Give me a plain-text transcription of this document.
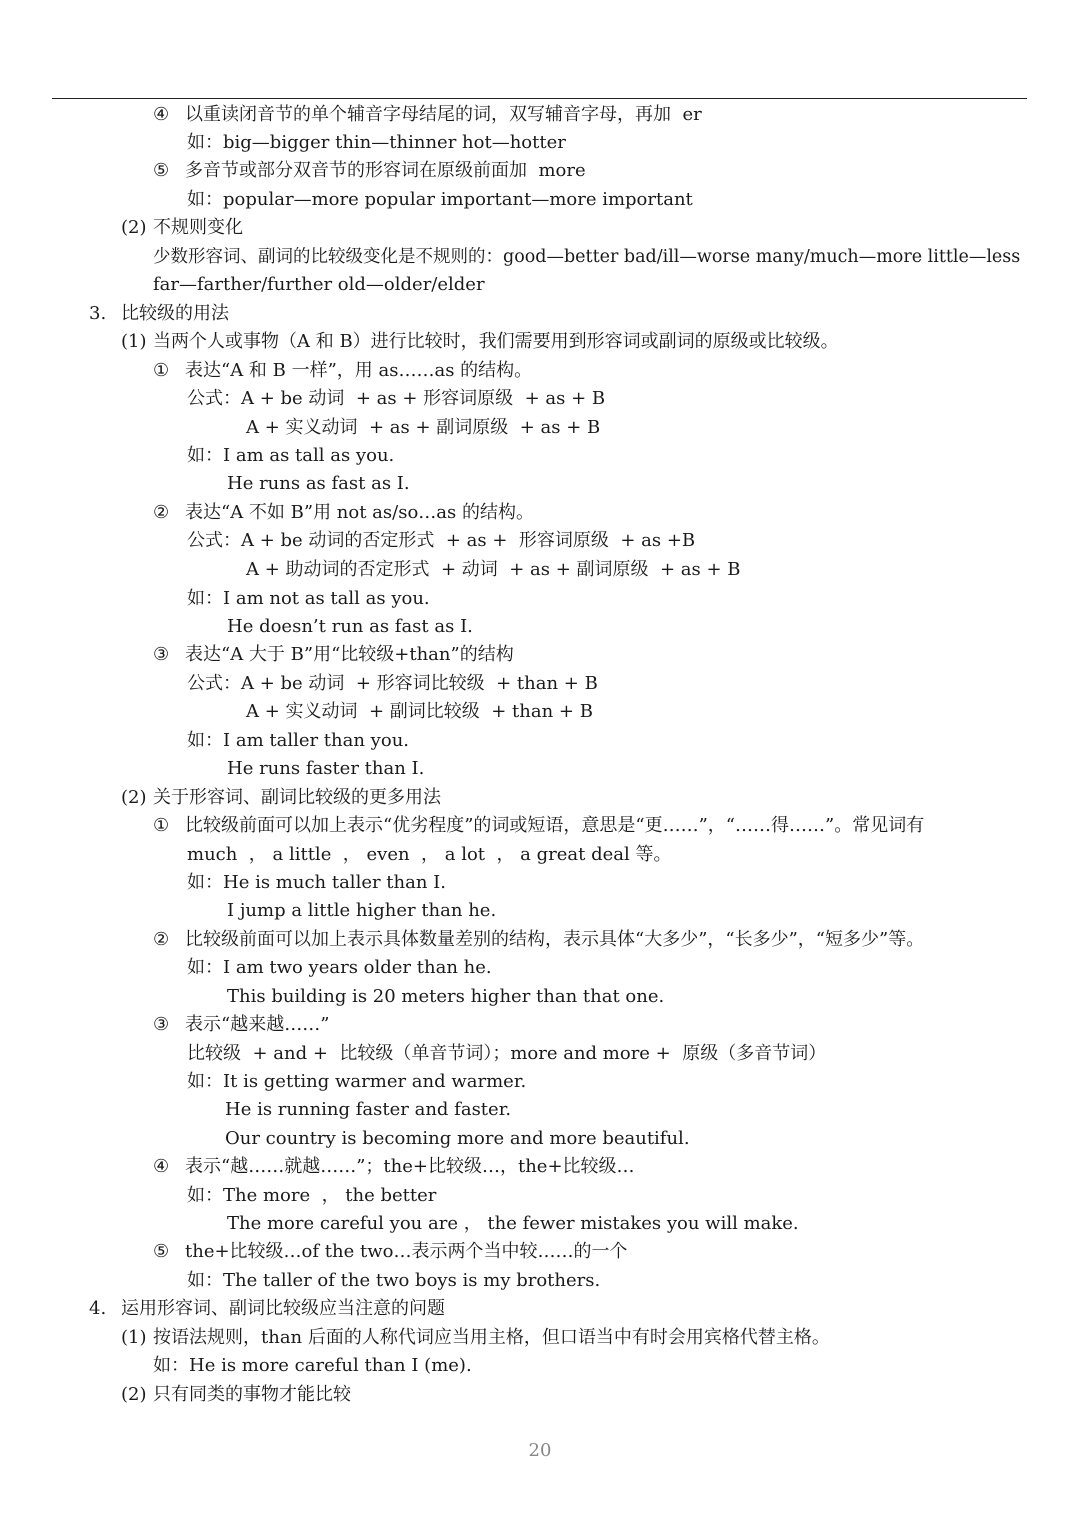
④ 以重读闭音节的单个辅音字母结尾的词，双写辅音字母，再加  er
如：big—bigger thin—thinner hot—hotter
⑤ 多音节或部分双音节的形容词在原级前面加  more
如：popular—more popular important—more important
(2) 不规则变化
少数形容词、副词的比较级变化是不规则的：good—better bad/ill—worse many/much—more little—less
far—farther/further old—older/elder
3. 比较级的用法
(1) 当两个人或事物（A 和 B）进行比较时，我们需要用到形容词或副词的原级或比较级。
① 表达“A 和 B 一样”，用 as……as 的结构。
公式：A + be 动词  + as + 形容词原级  + as + B
A + 实义动词  + as + 副词原级  + as + B
如：I am as tall as you.
He runs as fast as I.
② 表达“A 不如 B”用 not as/so…as 的结构。
公式：A + be 动词的否定形式  + as +  形容词原级  + as +B
A + 助动词的否定形式  + 动词  + as + 副词原级  + as + B
如：I am not as tall as you.
He doesn’t run as fast as I.
③ 表达“A 大于 B”用“比较级+than”的结构
公式：A + be 动词  + 形容词比较级  + than + B
A + 实义动词  + 副词比较级  + than + B
如：I am taller than you.
He runs faster than I.
(2) 关于形容词、副词比较级的更多用法
① 比较级前面可以加上表示“优劣程度”的词或短语，意思是“更……”，“……得……”。常见词有
much  ， a little  ， even  ， a lot  ， a great deal 等。
如：He is much taller than I.
I jump a little higher than he.
② 比较级前面可以加上表示具体数量差别的结构，表示具体“大多少”，“长多少”，“短多少”等。
如：I am two years older than he.
This building is 20 meters higher than that one.
③ 表示“越来越……”
比较级  + and +  比较级（单音节词）；more and more +  原级（多音节词）
如：It is getting warmer and warmer.
He is running faster and faster.
Our country is becoming more and more beautiful.
④ 表示“越……就越……”；the+比较级…，the+比较级…
如：The more  ， the better
The more careful you are ， the fewer mistakes you will make.
⑤ the+比较级…of the two…表示两个当中较……的一个
如：The taller of the two boys is my brothers.
4. 运用形容词、副词比较级应当注意的问题
(1) 按语法规则，than 后面的人称代词应当用主格，但口语当中有时会用宾格代替主格。
如：He is more careful than I (me).
(2) 只有同类的事物才能比较
20
